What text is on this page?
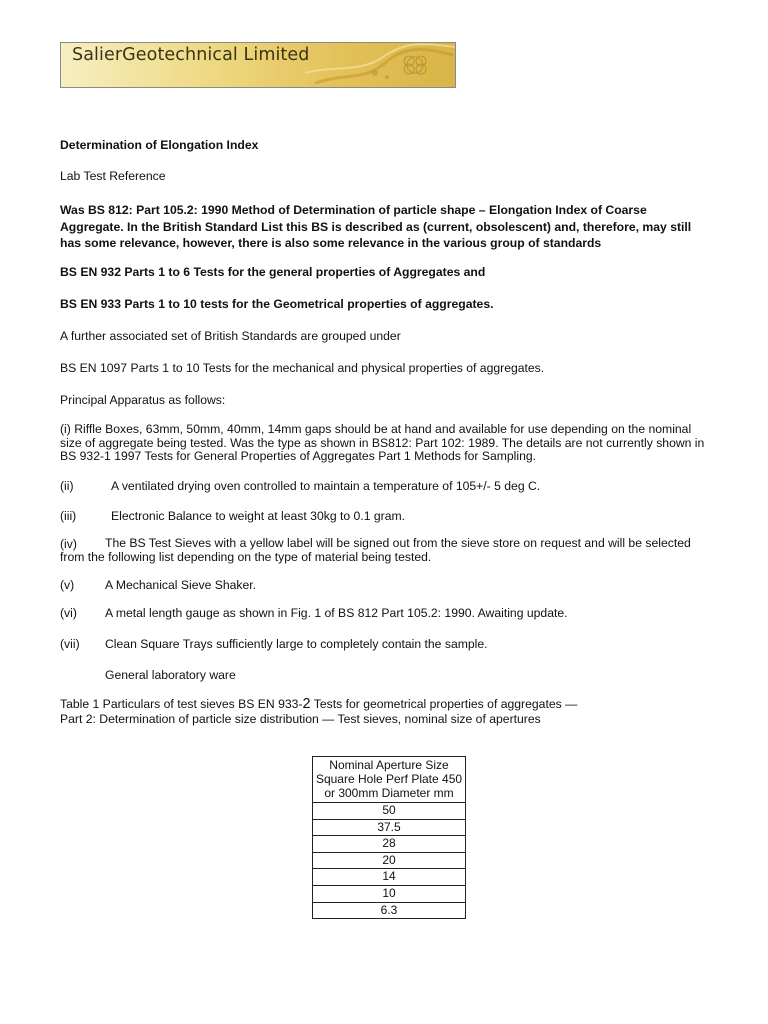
SalierGeotechnical Limited

Determination of Elongation Index

Lab Test Reference

Was BS 812: Part 105.2: 1990 Method of Determination of particle shape – Elongation Index of Coarse Aggregate. In the British Standard List this BS is described as (current, obsolescent) and, therefore, may still has some relevance, however, there is also some relevance in the various group of standards

BS EN 932 Parts 1 to 6 Tests for the general properties of Aggregates and

BS EN 933 Parts 1 to 10 tests for the Geometrical properties of aggregates.

A further associated set of British Standards are grouped under

BS EN 1097 Parts 1 to 10 Tests for the mechanical and physical properties of aggregates.

Principal Apparatus as follows:

(i) Riffle Boxes, 63mm, 50mm, 40mm, 14mm gaps should be at hand and available for use depending on the nominal size of aggregate being tested. Was the type as shown in BS812: Part 102: 1989. The details are not currently shown in BS 932-1 1997 Tests for General Properties of Aggregates Part 1 Methods for Sampling.

(ii)	A ventilated drying oven controlled to maintain a temperature of 105+/- 5 deg C.
(iii)	Electronic Balance to weight at least 30kg to 0.1 gram.
(iv)	The BS Test Sieves with a yellow label will be signed out from the sieve store on request and will be selected from the following list depending on the type of material being tested.

(v)	A Mechanical Sieve Shaker.
(vi) A metal length gauge as shown in Fig. 1 of BS 812 Part 105.2: 1990. Awaiting update.
(vii) Clean Square Trays sufficiently large to completely contain the sample.
General laboratory ware

Table 1 Particulars of test sieves BS EN 933-2 Tests for geometrical properties of aggregates —
Part 2: Determination of particle size distribution — Test sieves, nominal size of apertures

Nominal Aperture Size Square Hole Perf Plate 450 or 300mm Diameter mm
50
37.5
28
20
14
10
6.3
